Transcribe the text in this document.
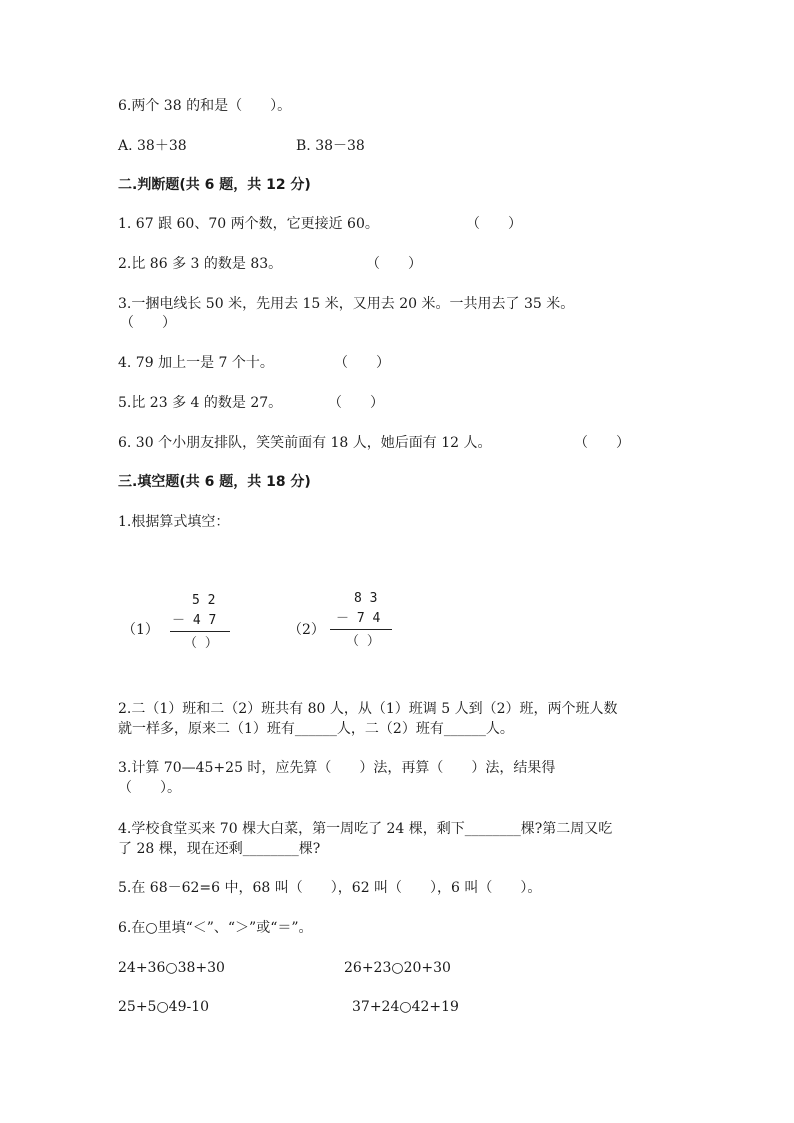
6.两个 38 的和是（　　）。
A. 38＋38	B. 38－38
二.判断题(共 6 题，共 12 分)
1. 67 跟 60、70 两个数，它更接近 60。	（　　）
2.比 86 多 3 的数是 83。	（　　）
3.一捆电线长 50 米，先用去 15 米，又用去 20 米。一共用去了 35 米。
（　　）
4. 79 加上一是 7 个十。	（　　）
5.比 23 多 4 的数是 27。	（　　）
6. 30 个小朋友排队，笑笑前面有 18 人，她后面有 12 人。	（　　）
三.填空题(共 6 题，共 18 分)
1.根据算式填空：
（1）
5 2
－ 4 7
（ ）
（2）
8 3
－ 7 4
（ ）
2.二（1）班和二（2）班共有 80 人，从（1）班调 5 人到（2）班，两个班人数
就一样多，原来二（1）班有______人，二（2）班有______人。
3.计算 70—45+25 时，应先算（　　）法，再算（　　）法，结果得
（　　）。
4.学校食堂买来 70 棵大白菜，第一周吃了 24 棵，剩下________棵?第二周又吃
了 28 棵，现在还剩________棵?
5.在 68－62=6 中，68 叫（　　），62 叫（　　），6 叫（　　）。
6.在○里填“＜”、“＞”或“＝”。
24+36○38+30	26+23○20+30
25+5○49-10	37+24○42+19
